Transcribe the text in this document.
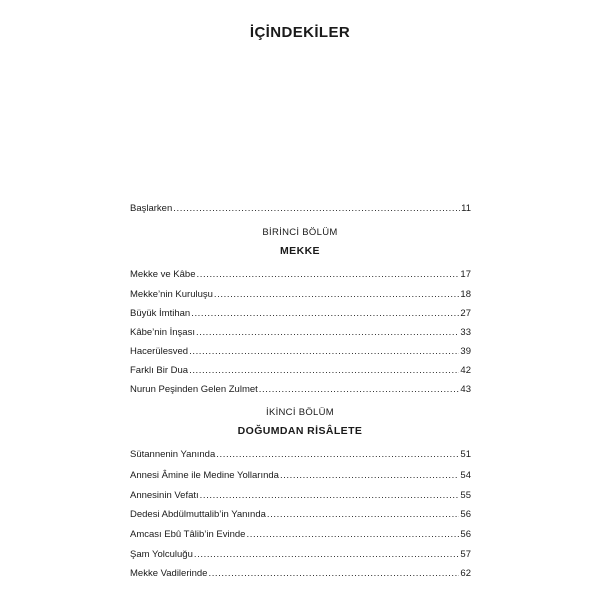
İÇİNDEKİLER
Başlarken .....	11
BİRİNCİ BÖLÜM
MEKKE
Mekke ve Kâbe .....	17
Mekke’nin Kuruluşu .....	18
Büyük İmtihan .....	27
Kâbe’nin İnşası .....	33
Hacerülesved .....	39
Farklı Bir Dua .....	42
Nurun Peşinden Gelen Zulmet .....	43
İKİNCİ BÖLÜM
DOĞUMDAN RİSÂLETE
Sütannenin Yanında .....	51
Annesi Âmine ile Medine Yollarında .....	54
Annesinin Vefatı .....	55
Dedesi Abdülmuttalib’in Yanında .....	56
Amcası Ebû Tâlib’in Evinde .....	56
Şam Yolculuğu .....	57
Mekke Vadilerinde .....	62
